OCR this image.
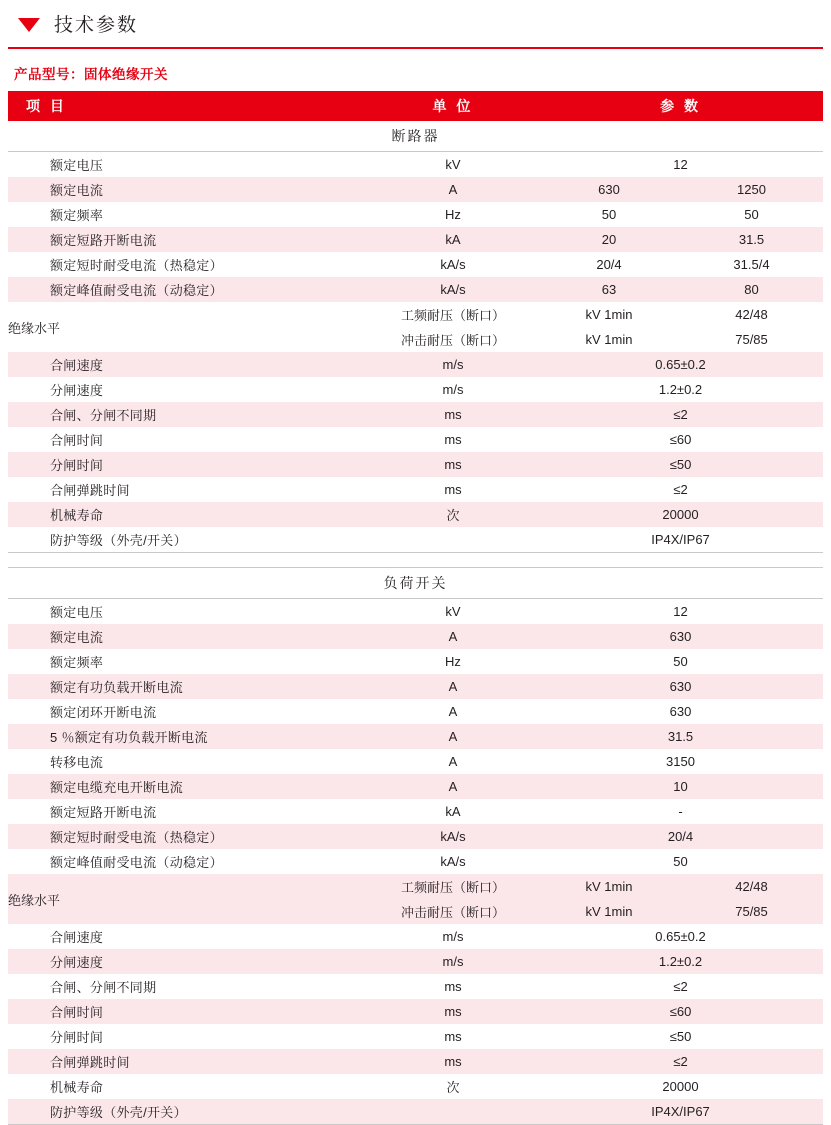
技术参数
产品型号：固体绝缘开关
项 目	单 位	参 数	
断路器			
额定电压	kV	12	
额定电流	A	630	1250
额定频率	Hz	50	50
额定短路开断电流	kA	20	31.5
额定短时耐受电流（热稳定）	kA/s	20/4	31.5/4
额定峰值耐受电流（动稳定）	kA/s	63	80
绝缘水平	工频耐压（断口）	kV 1min	42/48
	冲击耐压（断口）	kV 1min	75/85
合闸速度	m/s	0.65±0.2	
分闸速度	m/s	1.2±0.2	
合闸、分闸不同期	ms	≤2	
合闸时间	ms	≤60	
分闸时间	ms	≤50	
合闸弹跳时间	ms	≤2	
机械寿命	次	20000	
防护等级（外壳/开关）		IP4X/IP67	

负荷开关			
额定电压	kV	12	
额定电流	A	630	
额定频率	Hz	50	
额定有功负载开断电流	A	630	
额定闭环开断电流	A	630	
5 ％额定有功负载开断电流	A	31.5	
转移电流	A	3150	
额定电缆充电开断电流	A	10	
额定短路开断电流	kA	-	
额定短时耐受电流（热稳定）	kA/s	20/4	
额定峰值耐受电流（动稳定）	kA/s	50	
绝缘水平	工频耐压（断口）	kV 1min	42/48
	冲击耐压（断口）	kV 1min	75/85
合闸速度	m/s	0.65±0.2	
分闸速度	m/s	1.2±0.2	
合闸、分闸不同期	ms	≤2	
合闸时间	ms	≤60	
分闸时间	ms	≤50	
合闸弹跳时间	ms	≤2	
机械寿命	次	20000	
防护等级（外壳/开关）		IP4X/IP67	
